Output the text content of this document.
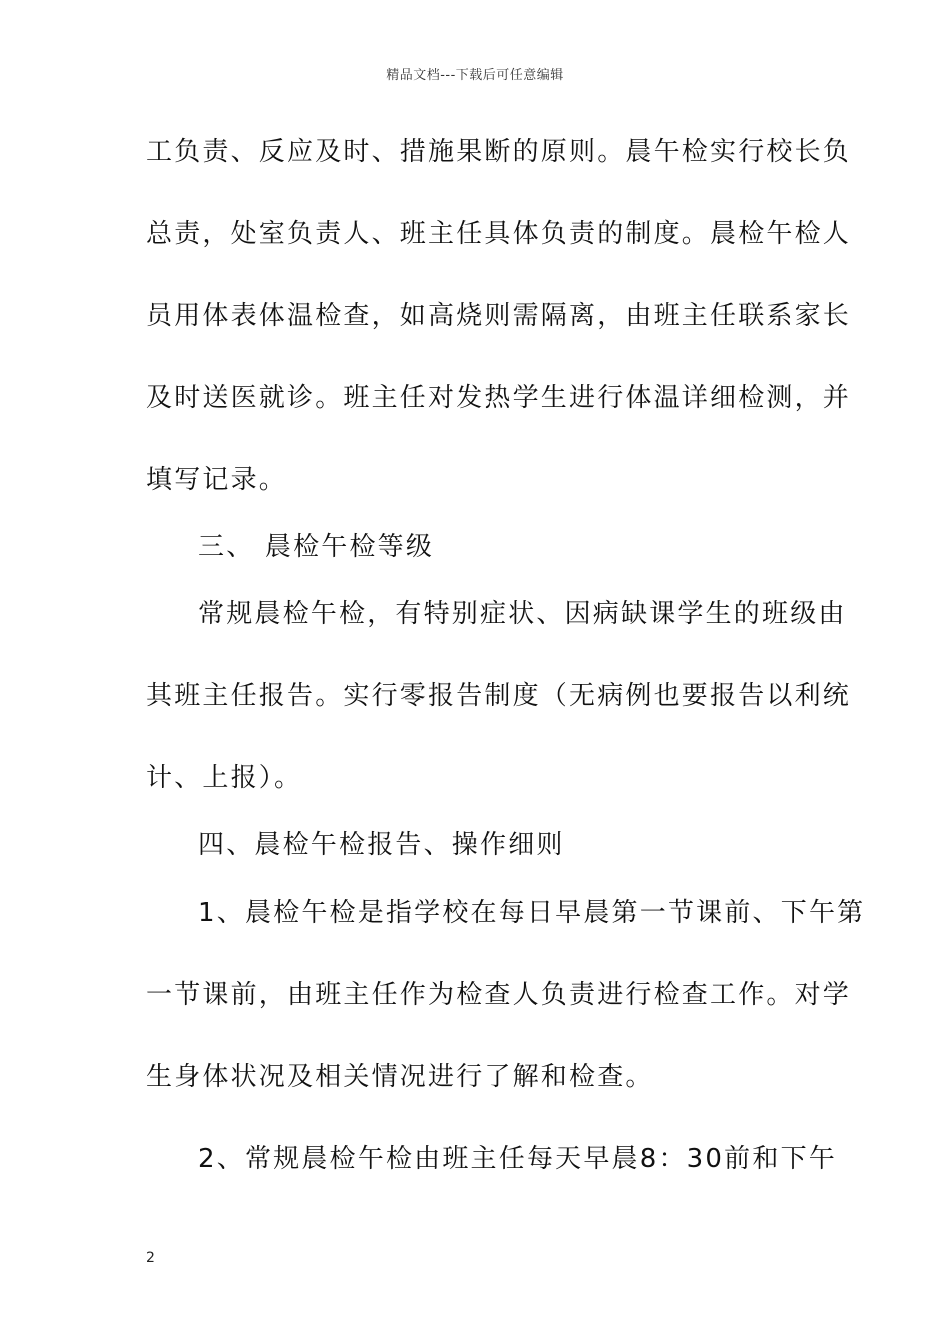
精品文档---下载后可任意编辑
工负责、反应及时、措施果断的原则。晨午检实行校长负
总责，处室负责人、班主任具体负责的制度。晨检午检人
员用体表体温检查，如高烧则需隔离，由班主任联系家长
及时送医就诊。班主任对发热学生进行体温详细检测，并
填写记录。
三、 晨检午检等级
常规晨检午检，有特别症状、因病缺课学生的班级由
其班主任报告。实行零报告制度（无病例也要报告以利统
计、上报）。
四、晨检午检报告、操作细则
1、晨检午检是指学校在每日早晨第一节课前、下午第
一节课前，由班主任作为检查人负责进行检查工作。对学
生身体状况及相关情况进行了解和检查。
2、常规晨检午检由班主任每天早晨8：30前和下午
2
